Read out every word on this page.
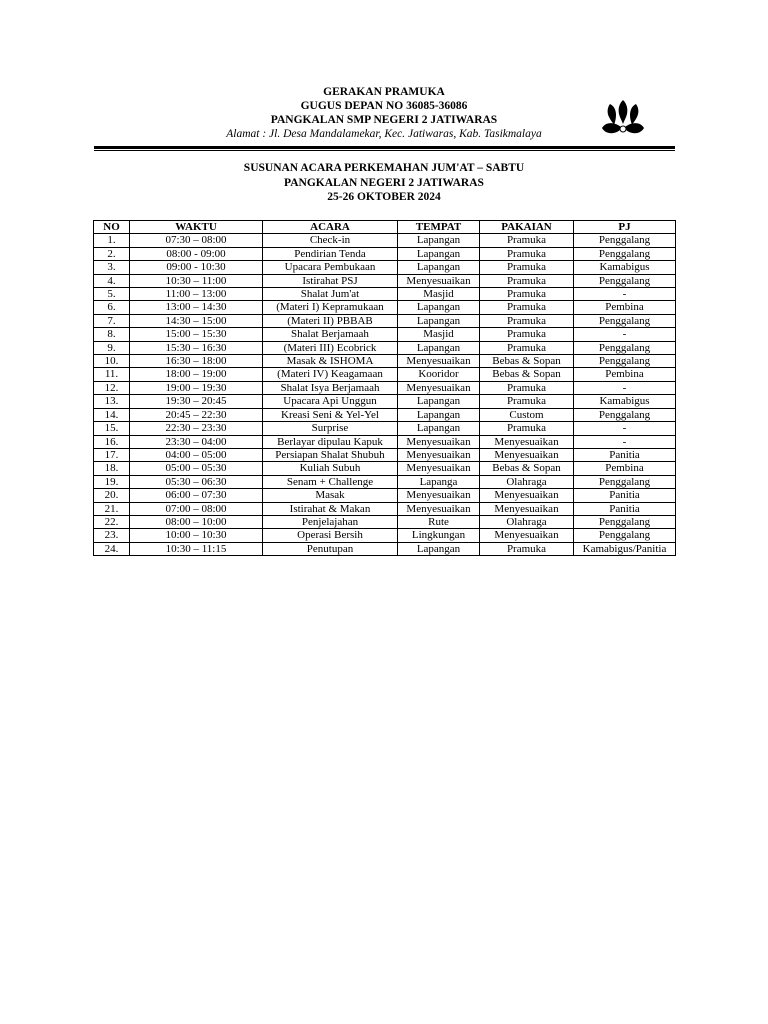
GERAKAN PRAMUKA
GUGUS DEPAN NO 36085-36086
PANGKALAN SMP NEGERI 2 JATIWARAS
Alamat : Jl. Desa Mandalamekar, Kec. Jatiwaras, Kab. Tasikmalaya
SUSUNAN ACARA PERKEMAHAN JUM'AT – SABTU
PANGKALAN NEGERI 2 JATIWARAS
25-26 OKTOBER 2024
NO	WAKTU	ACARA	TEMPAT	PAKAIAN	PJ
1.	07:30 – 08:00	Check-in	Lapangan	Pramuka	Penggalang
2.	08:00 - 09:00	Pendirian Tenda	Lapangan	Pramuka	Penggalang
3.	09:00 - 10:30	Upacara Pembukaan	Lapangan	Pramuka	Kamabigus
4.	10:30 – 11:00	Istirahat PSJ	Menyesuaikan	Pramuka	Penggalang
5.	11:00 – 13:00	Shalat Jum'at	Masjid	Pramuka	-
6.	13:00 – 14:30	(Materi I) Kepramukaan	Lapangan	Pramuka	Pembina
7.	14:30 – 15:00	(Materi II) PBBAB	Lapangan	Pramuka	Penggalang
8.	15:00 – 15:30	Shalat Berjamaah	Masjid	Pramuka	-
9.	15:30 – 16:30	(Materi III) Ecobrick	Lapangan	Pramuka	Penggalang
10.	16:30 – 18:00	Masak & ISHOMA	Menyesuaikan	Bebas & Sopan	Penggalang
11.	18:00 – 19:00	(Materi IV) Keagamaan	Kooridor	Bebas & Sopan	Pembina
12.	19:00 – 19:30	Shalat Isya Berjamaah	Menyesuaikan	Pramuka	-
13.	19:30 – 20:45	Upacara Api Unggun	Lapangan	Pramuka	Kamabigus
14.	20:45 – 22:30	Kreasi Seni & Yel-Yel	Lapangan	Custom	Penggalang
15.	22:30 – 23:30	Surprise	Lapangan	Pramuka	-
16.	23:30 – 04:00	Berlayar dipulau Kapuk	Menyesuaikan	Menyesuaikan	-
17.	04:00 – 05:00	Persiapan Shalat Shubuh	Menyesuaikan	Menyesuaikan	Panitia
18.	05:00 – 05:30	Kuliah Subuh	Menyesuaikan	Bebas & Sopan	Pembina
19.	05:30 – 06:30	Senam + Challenge	Lapanga	Olahraga	Penggalang
20.	06:00 – 07:30	Masak	Menyesuaikan	Menyesuaikan	Panitia
21.	07:00 – 08:00	Istirahat & Makan	Menyesuaikan	Menyesuaikan	Panitia
22.	08:00 – 10:00	Penjelajahan	Rute	Olahraga	Penggalang
23.	10:00 – 10:30	Operasi Bersih	Lingkungan	Menyesuaikan	Penggalang
24.	10:30 – 11:15	Penutupan	Lapangan	Pramuka	Kamabigus/Panitia
